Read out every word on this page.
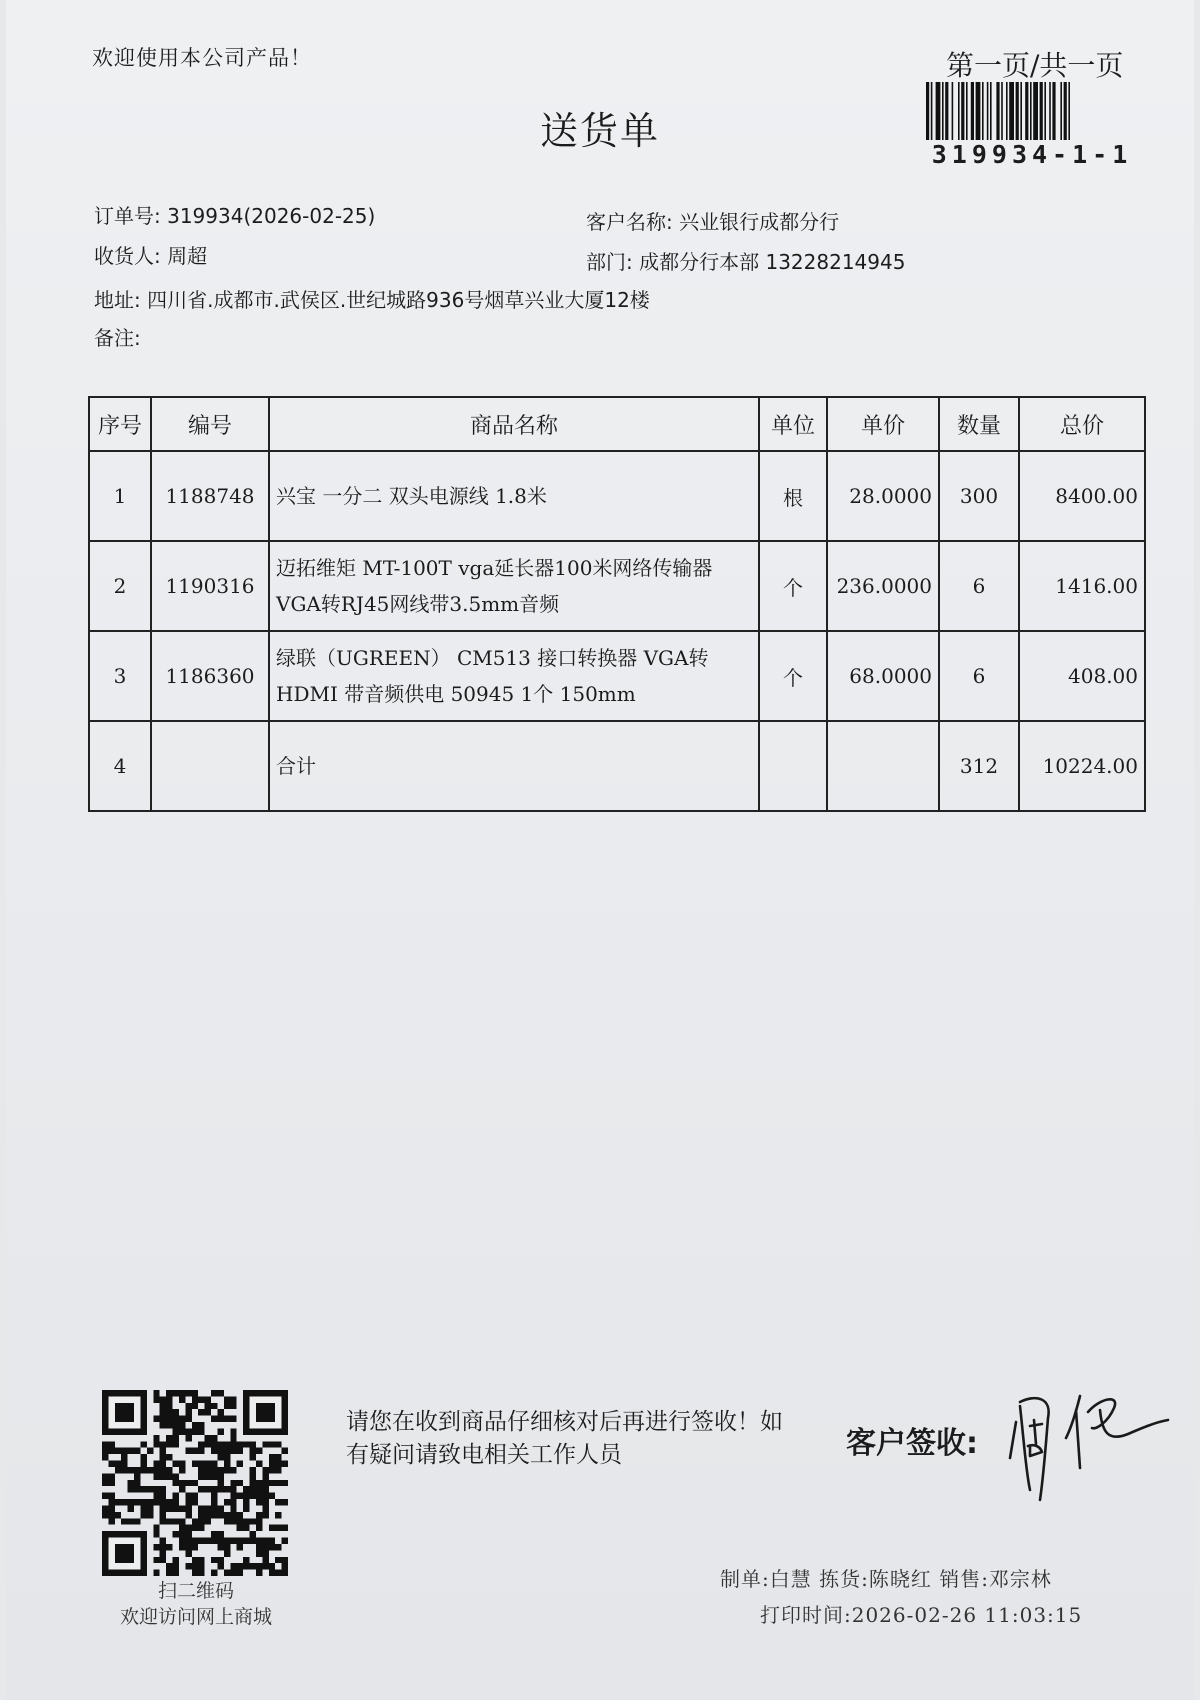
欢迎使用本公司产品！	第一页/共一页
319934-1-1
送货单
订单号: 319934(2026-02-25)	客户名称: 兴业银行成都分行
收货人: 周超	部门: 成都分行本部 13228214945
地址: 四川省.成都市.武侯区.世纪城路936号烟草兴业大厦12楼
备注:
序号	编号	商品名称	单位	单价	数量	总价
1	1188748	兴宝 一分二 双头电源线 1.8米	根	28.0000	300	8400.00
2	1190316	迈拓维矩 MT-100T vga延长器100米网络传输器VGA转RJ45网线带3.5mm音频	个	236.0000	6	1416.00
3	1186360	绿联（UGREEN） CM513 接口转换器 VGA转HDMI 带音频供电 50945 1个 150mm	个	68.0000	6	408.00
4		合计			312	10224.00
扫二维码
欢迎访问网上商城
请您在收到商品仔细核对后再进行签收！如有疑问请致电相关工作人员	客户签收:
制单:白慧 拣货:陈晓红 销售:邓宗林
打印时间:2026-02-26 11:03:15
